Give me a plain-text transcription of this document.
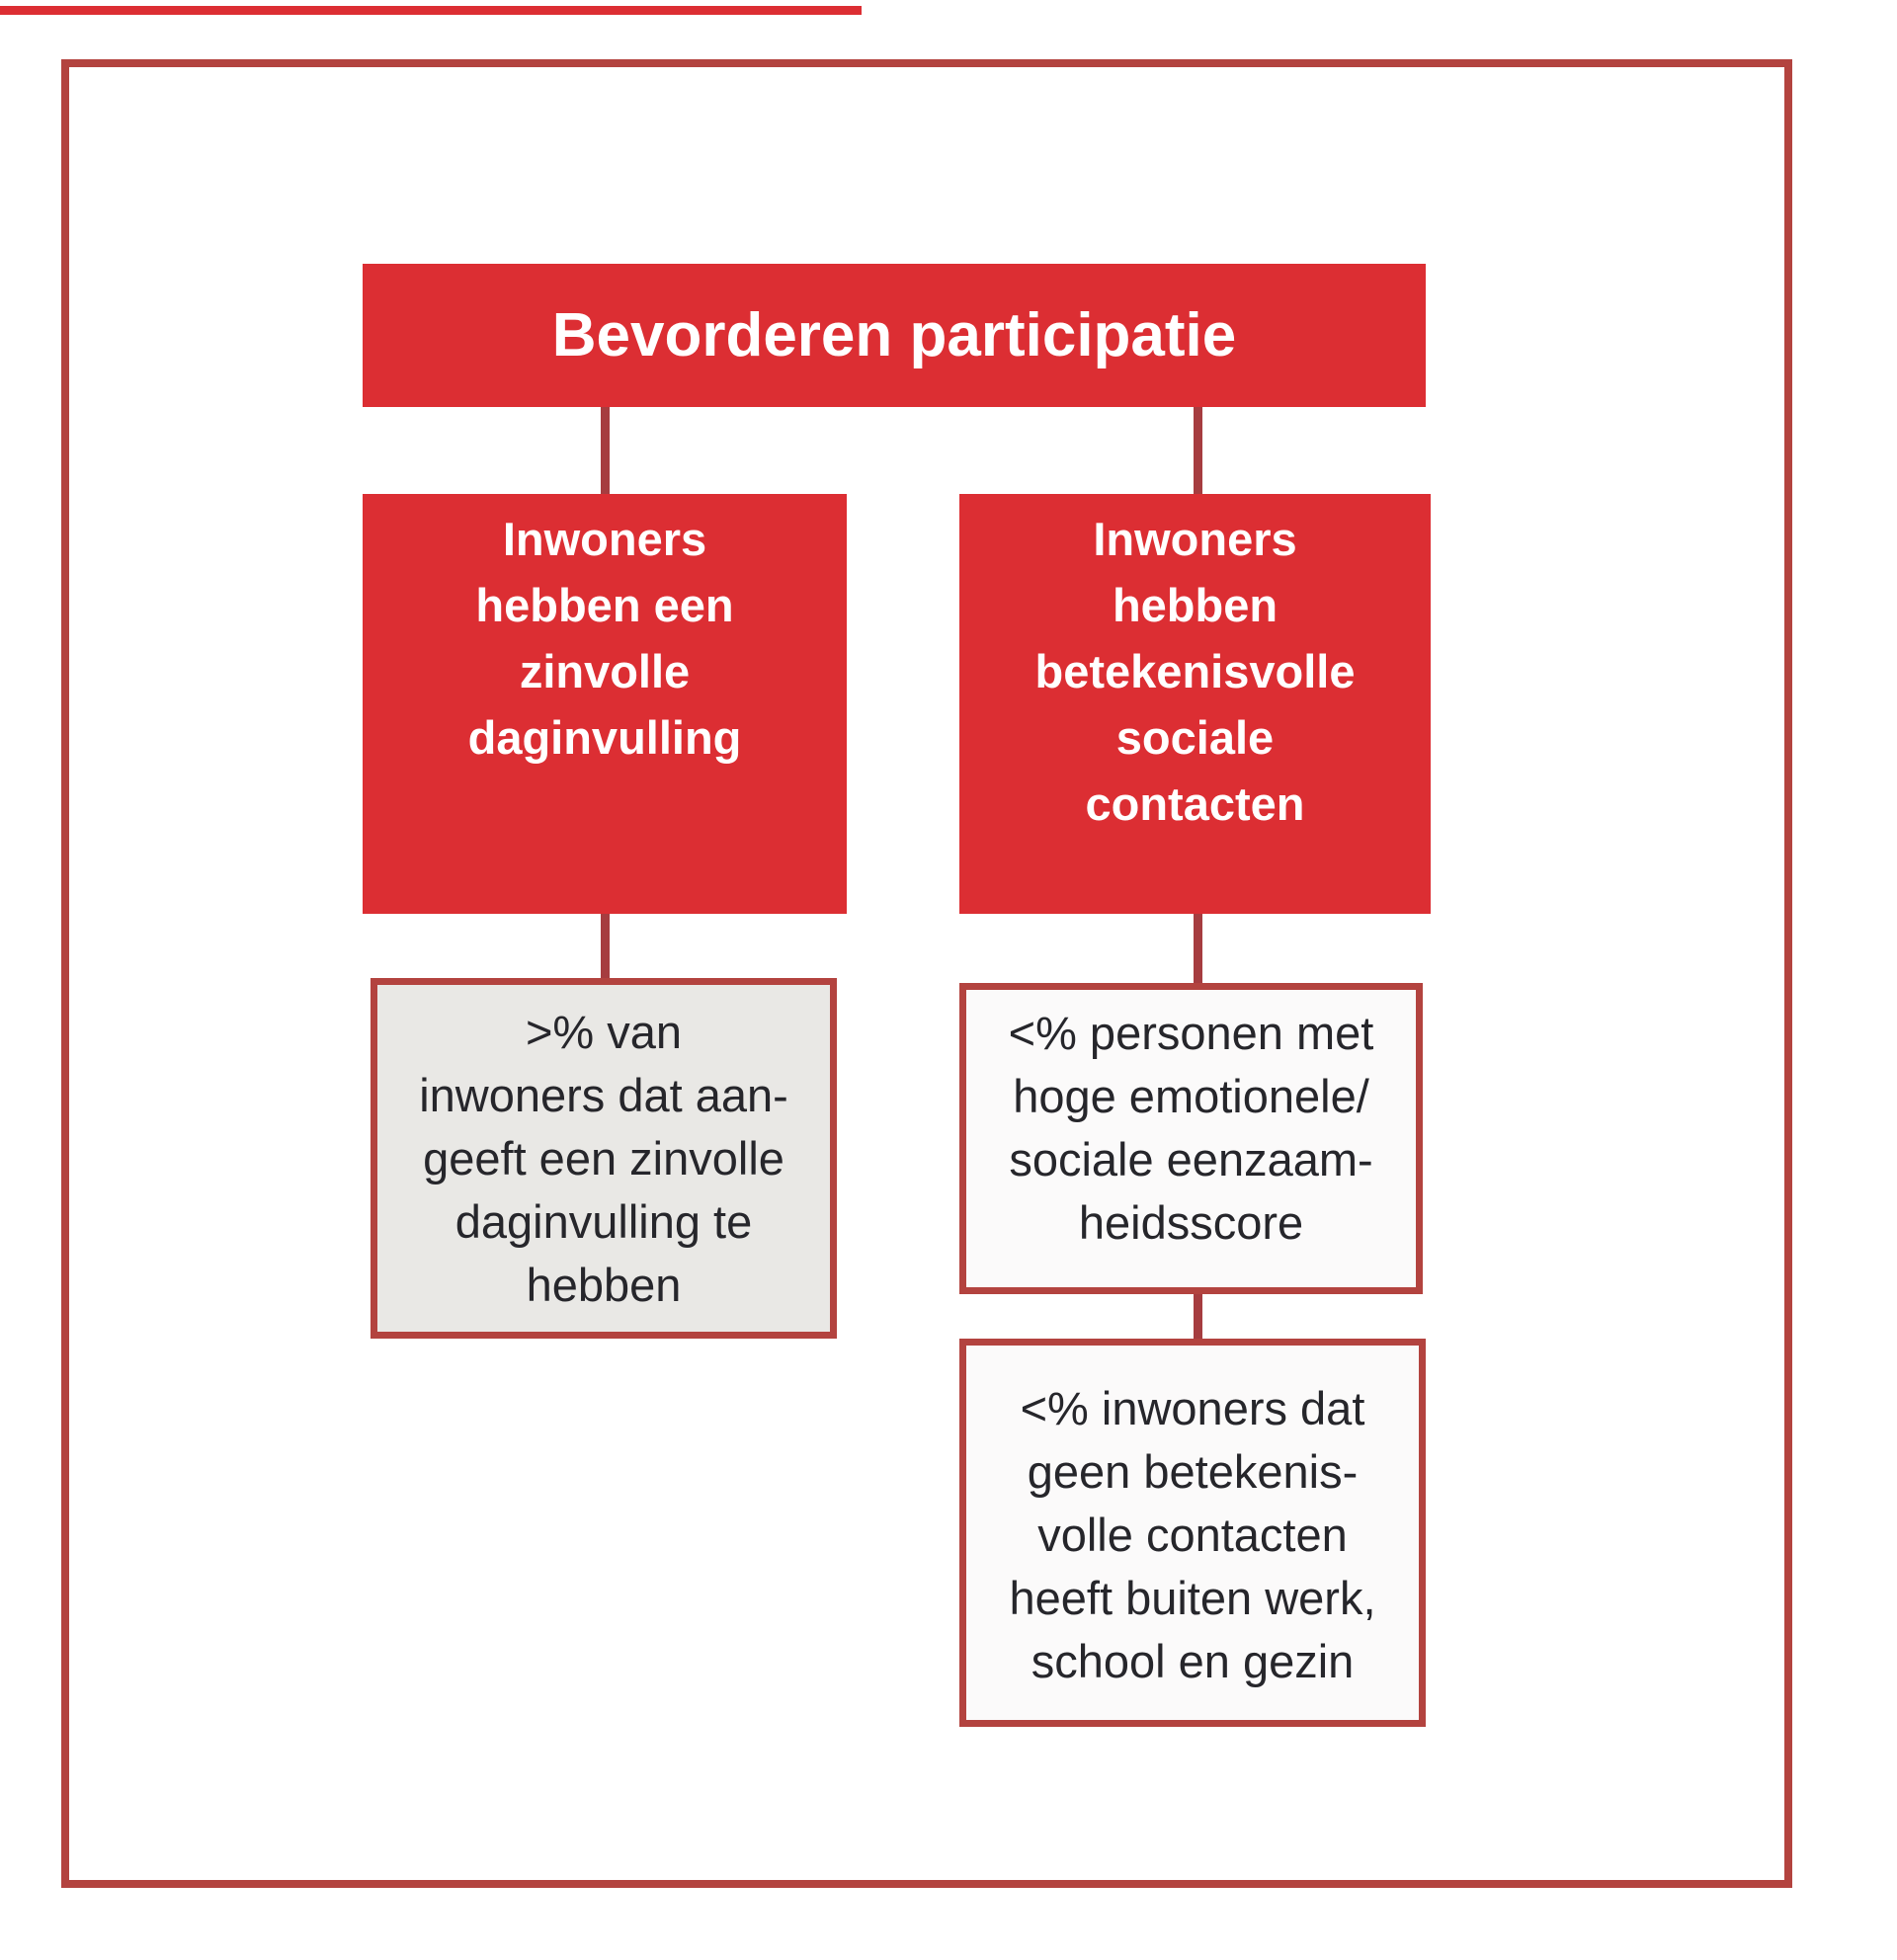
Bevorderen participatie
Inwoners
hebben een
zinvolle
daginvulling
Inwoners
hebben
betekenisvolle
sociale
contacten
>% van
inwoners dat aan-
geeft een zinvolle
daginvulling te
hebben
<% personen met
hoge emotionele/
sociale eenzaam-
heidsscore
<% inwoners dat
geen betekenis-
volle contacten
heeft buiten werk,
school en gezin
